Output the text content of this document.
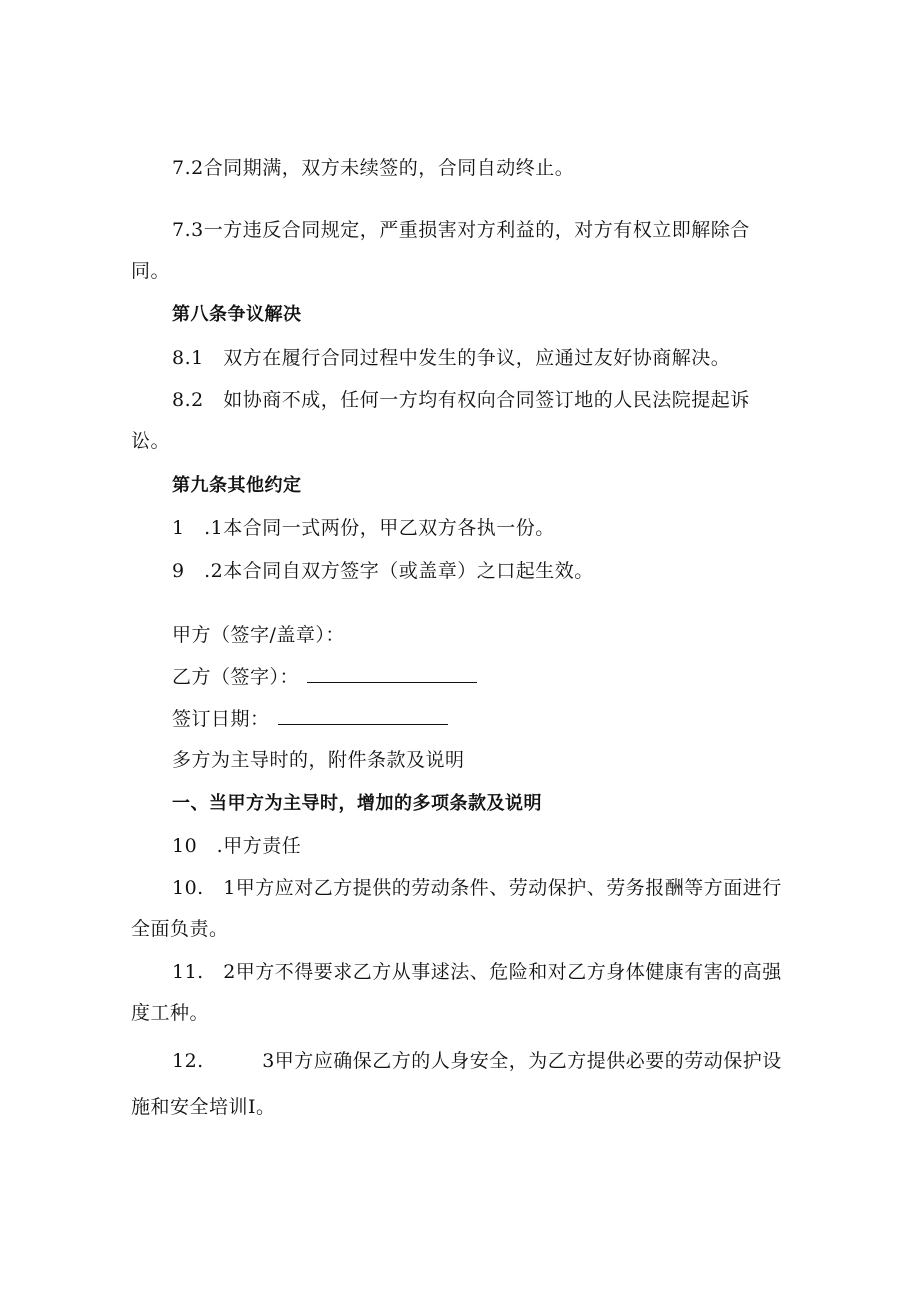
7.2合同期满，双方未续签的，合同自动终止。
7.3一方违反合同规定，严重损害对方利益的，对方有权立即解除合
同。
第八条争议解决
8.1　双方在履行合同过程中发生的争议，应通过友好协商解决。
8.2　如协商不成，任何一方均有权向合同签订地的人民法院提起诉
讼。
第九条其他约定
1　.1本合同一式两份，甲乙双方各执一份。
9　.2本合同自双方签字（或盖章）之口起生效。
甲方（签字/盖章）：
乙方（签字）：
签订日期：
多方为主导时的，附件条款及说明
一、当甲方为主导时，增加的多项条款及说明
10　.甲方责任
10.　1甲方应对乙方提供的劳动条件、劳动保护、劳务报酬等方面进行
全面负责。
11.　2甲方不得要求乙方从事逑法、危险和对乙方身体健康有害的高强
度工种。
12.　　　3甲方应确保乙方的人身安全，为乙方提供必要的劳动保护设
施和安全培训I。
